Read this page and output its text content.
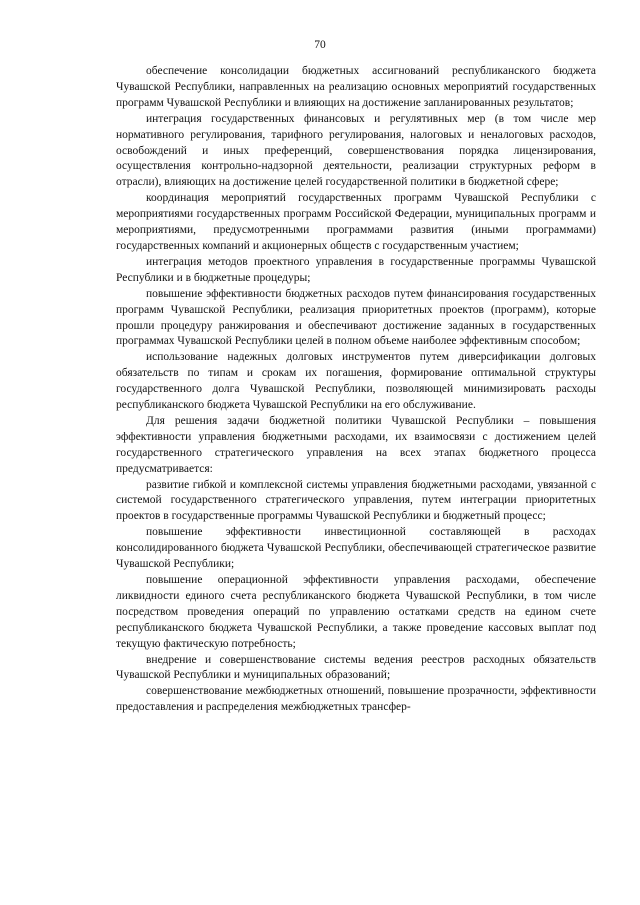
70

обеспечение консолидации бюджетных ассигнований республиканского бюджета Чувашской Республики, направленных на реализацию основных мероприятий государственных программ Чувашской Республики и влияющих на достижение запланированных результатов;

интеграция государственных финансовых и регулятивных мер (в том числе мер нормативного регулирования, тарифного регулирования, налоговых и неналоговых расходов, освобождений и иных преференций, совершенствования порядка лицензирования, осуществления контрольно-надзорной деятельности, реализации структурных реформ в отрасли), влияющих на достижение целей государственной политики в бюджетной сфере;

координация мероприятий государственных программ Чувашской Республики с мероприятиями государственных программ Российской Федерации, муниципальных программ и мероприятиями, предусмотренными программами развития (иными программами) государственных компаний и акционерных обществ с государственным участием;

интеграция методов проектного управления в государственные программы Чувашской Республики и в бюджетные процедуры;

повышение эффективности бюджетных расходов путем финансирования государственных программ Чувашской Республики, реализация приоритетных проектов (программ), которые прошли процедуру ранжирования и обеспечивают достижение заданных в государственных программах Чувашской Республики целей в полном объеме наиболее эффективным способом;

использование надежных долговых инструментов путем диверсификации долговых обязательств по типам и срокам их погашения, формирование оптимальной структуры государственного долга Чувашской Республики, позволяющей минимизировать расходы республиканского бюджета Чувашской Республики на его обслуживание.

Для решения задачи бюджетной политики Чувашской Республики – повышения эффективности управления бюджетными расходами, их взаимосвязи с достижением целей государственного стратегического управления на всех этапах бюджетного процесса предусматривается:

развитие гибкой и комплексной системы управления бюджетными расходами, увязанной с системой государственного стратегического управления, путем интеграции приоритетных проектов в государственные программы Чувашской Республики и бюджетный процесс;

повышение эффективности инвестиционной составляющей в расходах консолидированного бюджета Чувашской Республики, обеспечивающей стратегическое развитие Чувашской Республики;

повышение операционной эффективности управления расходами, обеспечение ликвидности единого счета республиканского бюджета Чувашской Республики, в том числе посредством проведения операций по управлению остатками средств на едином счете республиканского бюджета Чувашской Республики, а также проведение кассовых выплат под текущую фактическую потребность;

внедрение и совершенствование системы ведения реестров расходных обязательств Чувашской Республики и муниципальных образований;

совершенствование межбюджетных отношений, повышение прозрачности, эффективности предоставления и распределения межбюджетных трансфер-
